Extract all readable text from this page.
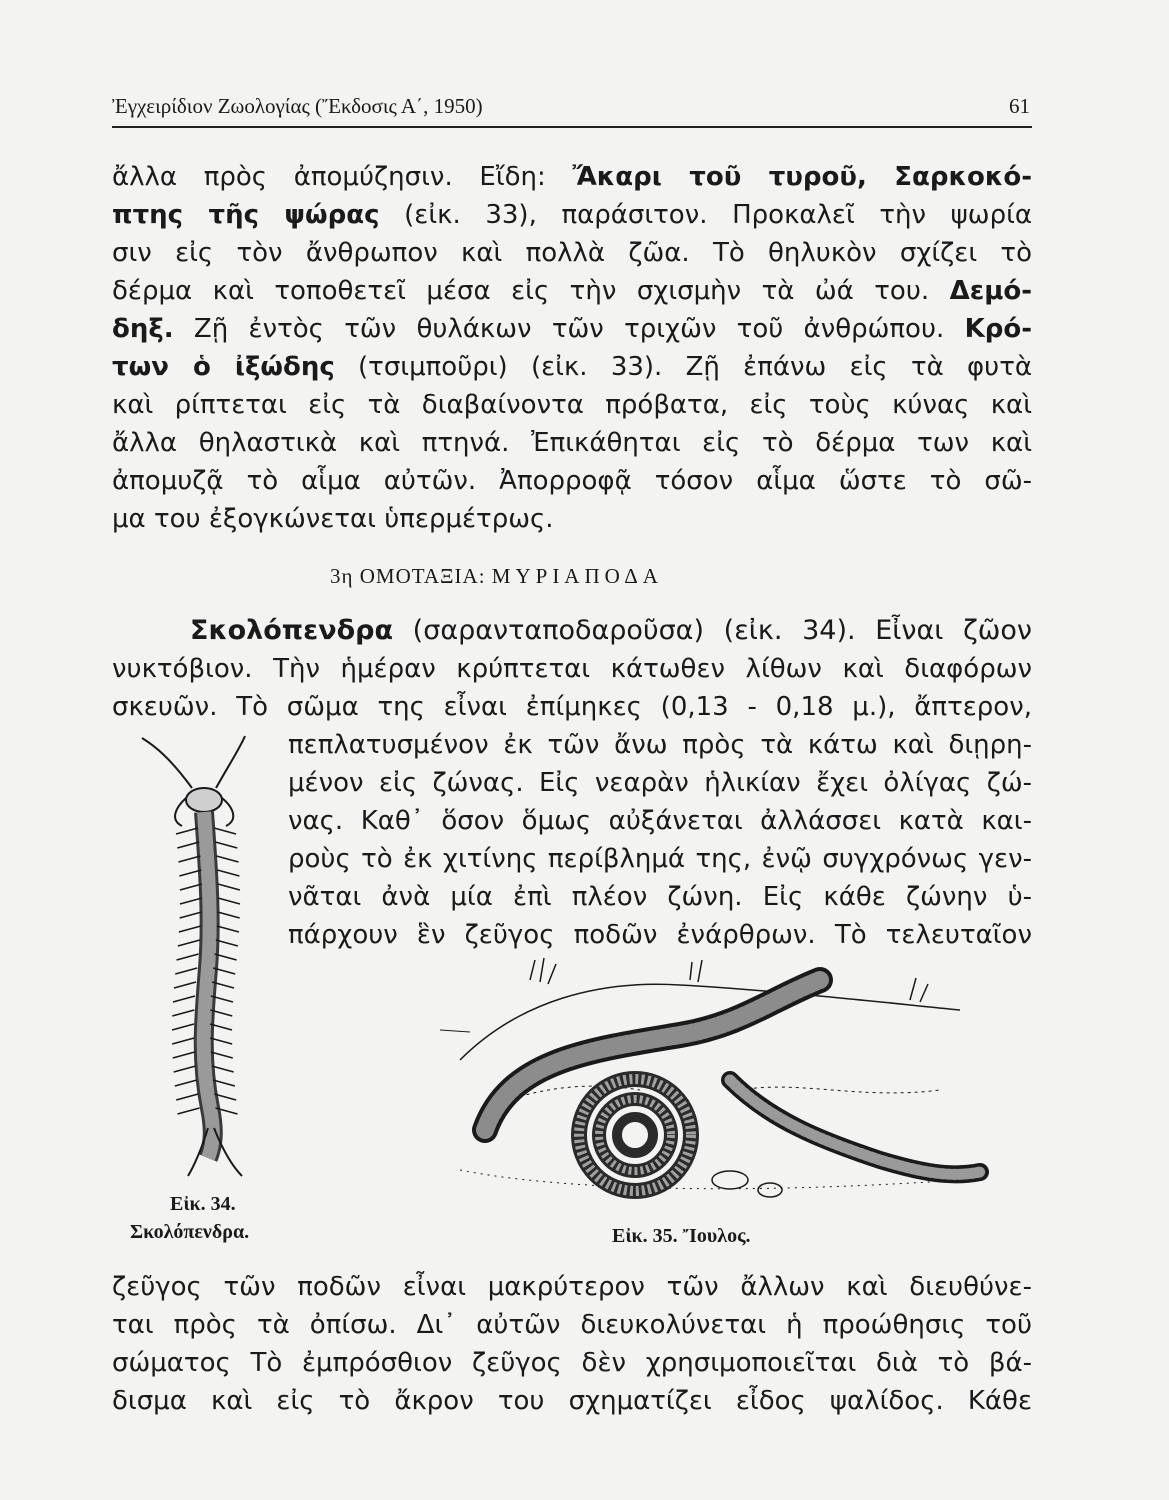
Ἐγχειρίδιον Ζωολογίας (Ἔκδοσις Α΄, 1950)	61
ἄλλα πρὸς ἀπομύζησιν. Εἴδη: Ἄκαρι τοῦ τυροῦ, Σαρκοκό-
πτης τῆς ψώρας (εἰκ. 33), παράσιτον. Προκαλεῖ τὴν ψωρία
σιν εἰς τὸν ἄνθρωπον καὶ πολλὰ ζῶα. Τὸ θηλυκὸν σχίζει τὸ
δέρμα καὶ τοποθετεῖ μέσα εἰς τὴν σχισμὴν τὰ ὠά του. Δεμό-
δηξ. Ζῇ ἐντὸς τῶν θυλάκων τῶν τριχῶν τοῦ ἀνθρώπου. Κρό-
των ὁ ἰξώδης (τσιμποῦρι) (εἰκ. 33). Ζῇ ἐπάνω εἰς τὰ φυτὰ
καὶ ρίπτεται εἰς τὰ διαβαίνοντα πρόβατα, εἰς τοὺς κύνας καὶ
ἄλλα θηλαστικὰ καὶ πτηνά. Ἐπικάθηται εἰς τὸ δέρμα των καὶ
ἀπομυζᾷ τὸ αἷμα αὐτῶν. Ἀπορροφᾷ τόσον αἷμα ὥστε τὸ σῶ-
μα του ἐξογκώνεται ὑπερμέτρως.
3η ΟΜΟΤΑΞΙΑ: ΜΥΡΙΑΠΟΔΑ
Σκολόπενδρα (σαρανταποδαροῦσα) (εἰκ. 34). Εἶναι ζῶον
νυκτόβιον. Τὴν ἡμέραν κρύπτεται κάτωθεν λίθων καὶ διαφόρων
σκευῶν. Τὸ σῶμα της εἶναι ἐπίμηκες (0,13 - 0,18 μ.), ἄπτερον,
πεπλατυσμένον ἐκ τῶν ἄνω πρὸς τὰ κάτω καὶ διῃρη-
μένον εἰς ζώνας. Εἰς νεαρὰν ἡλικίαν ἔχει ὀλίγας ζώ-
νας. Καθ᾿ ὅσον ὅμως αὐξάνεται ἀλλάσσει κατὰ και-
ροὺς τὸ ἐκ χιτίνης περίβλημά της, ἐνῷ συγχρόνως γεν-
νᾶται ἀνὰ μία ἐπὶ πλέον ζώνη. Εἰς κάθε ζώνην ὑ-
πάρχουν ἓν ζεῦγος ποδῶν ἐνάρθρων. Τὸ τελευταῖον
Εἰκ. 34.
Σκολόπενδρα.	Εἰκ. 35. Ἴουλος.
ζεῦγος τῶν ποδῶν εἶναι μακρύτερον τῶν ἄλλων καὶ διευθύνε-
ται πρὸς τὰ ὀπίσω. Δι᾿ αὐτῶν διευκολύνεται ἡ προώθησις τοῦ
σώματος Τὸ ἐμπρόσθιον ζεῦγος δὲν χρησιμοποιεῖται διὰ τὸ βά-
δισμα καὶ εἰς τὸ ἄκρον του σχηματίζει εἶδος ψαλίδος. Κάθε
